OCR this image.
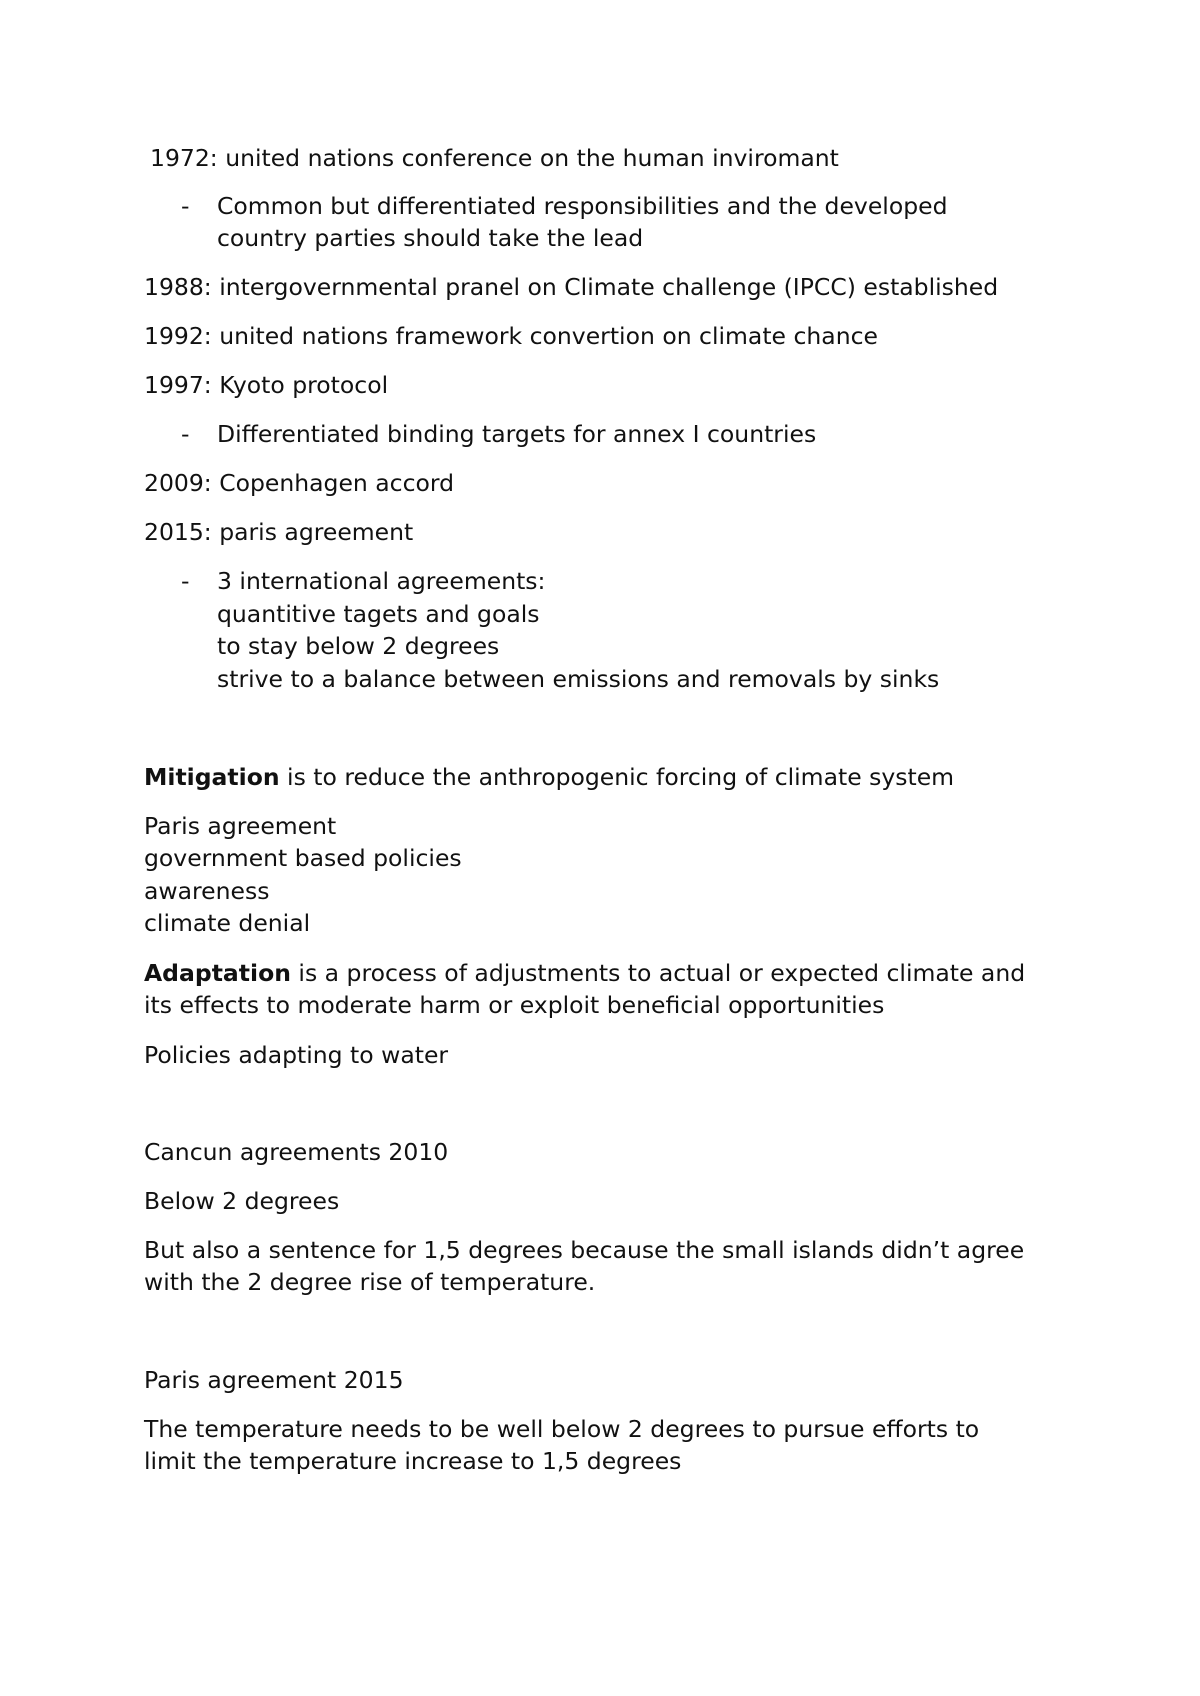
1972: united nations conference on the human inviromant

- Common but differentiated responsibilities and the developed

country parties should take the lead

1988: intergovernmental pranel on Climate challenge (IPCC) established

1992: united nations framework convertion on climate chance

1997: Kyoto protocol

- Differentiated binding targets for annex I countries

2009: Copenhagen accord

2015: paris agreement

- 3 international agreements:

quantitive tagets and goals

to stay below 2 degrees

strive to a balance between emissions and removals by sinks

Mitigation is to reduce the anthropogenic forcing of climate system

Paris agreement

government based policies

awareness

climate denial

Adaptation is a process of adjustments to actual or expected climate and

its effects to moderate harm or exploit beneficial opportunities

Policies adapting to water

Cancun agreements 2010

Below 2 degrees

But also a sentence for 1,5 degrees because the small islands didn’t agree

with the 2 degree rise of temperature.

Paris agreement 2015

The temperature needs to be well below 2 degrees to pursue efforts to

limit the temperature increase to 1,5 degrees
